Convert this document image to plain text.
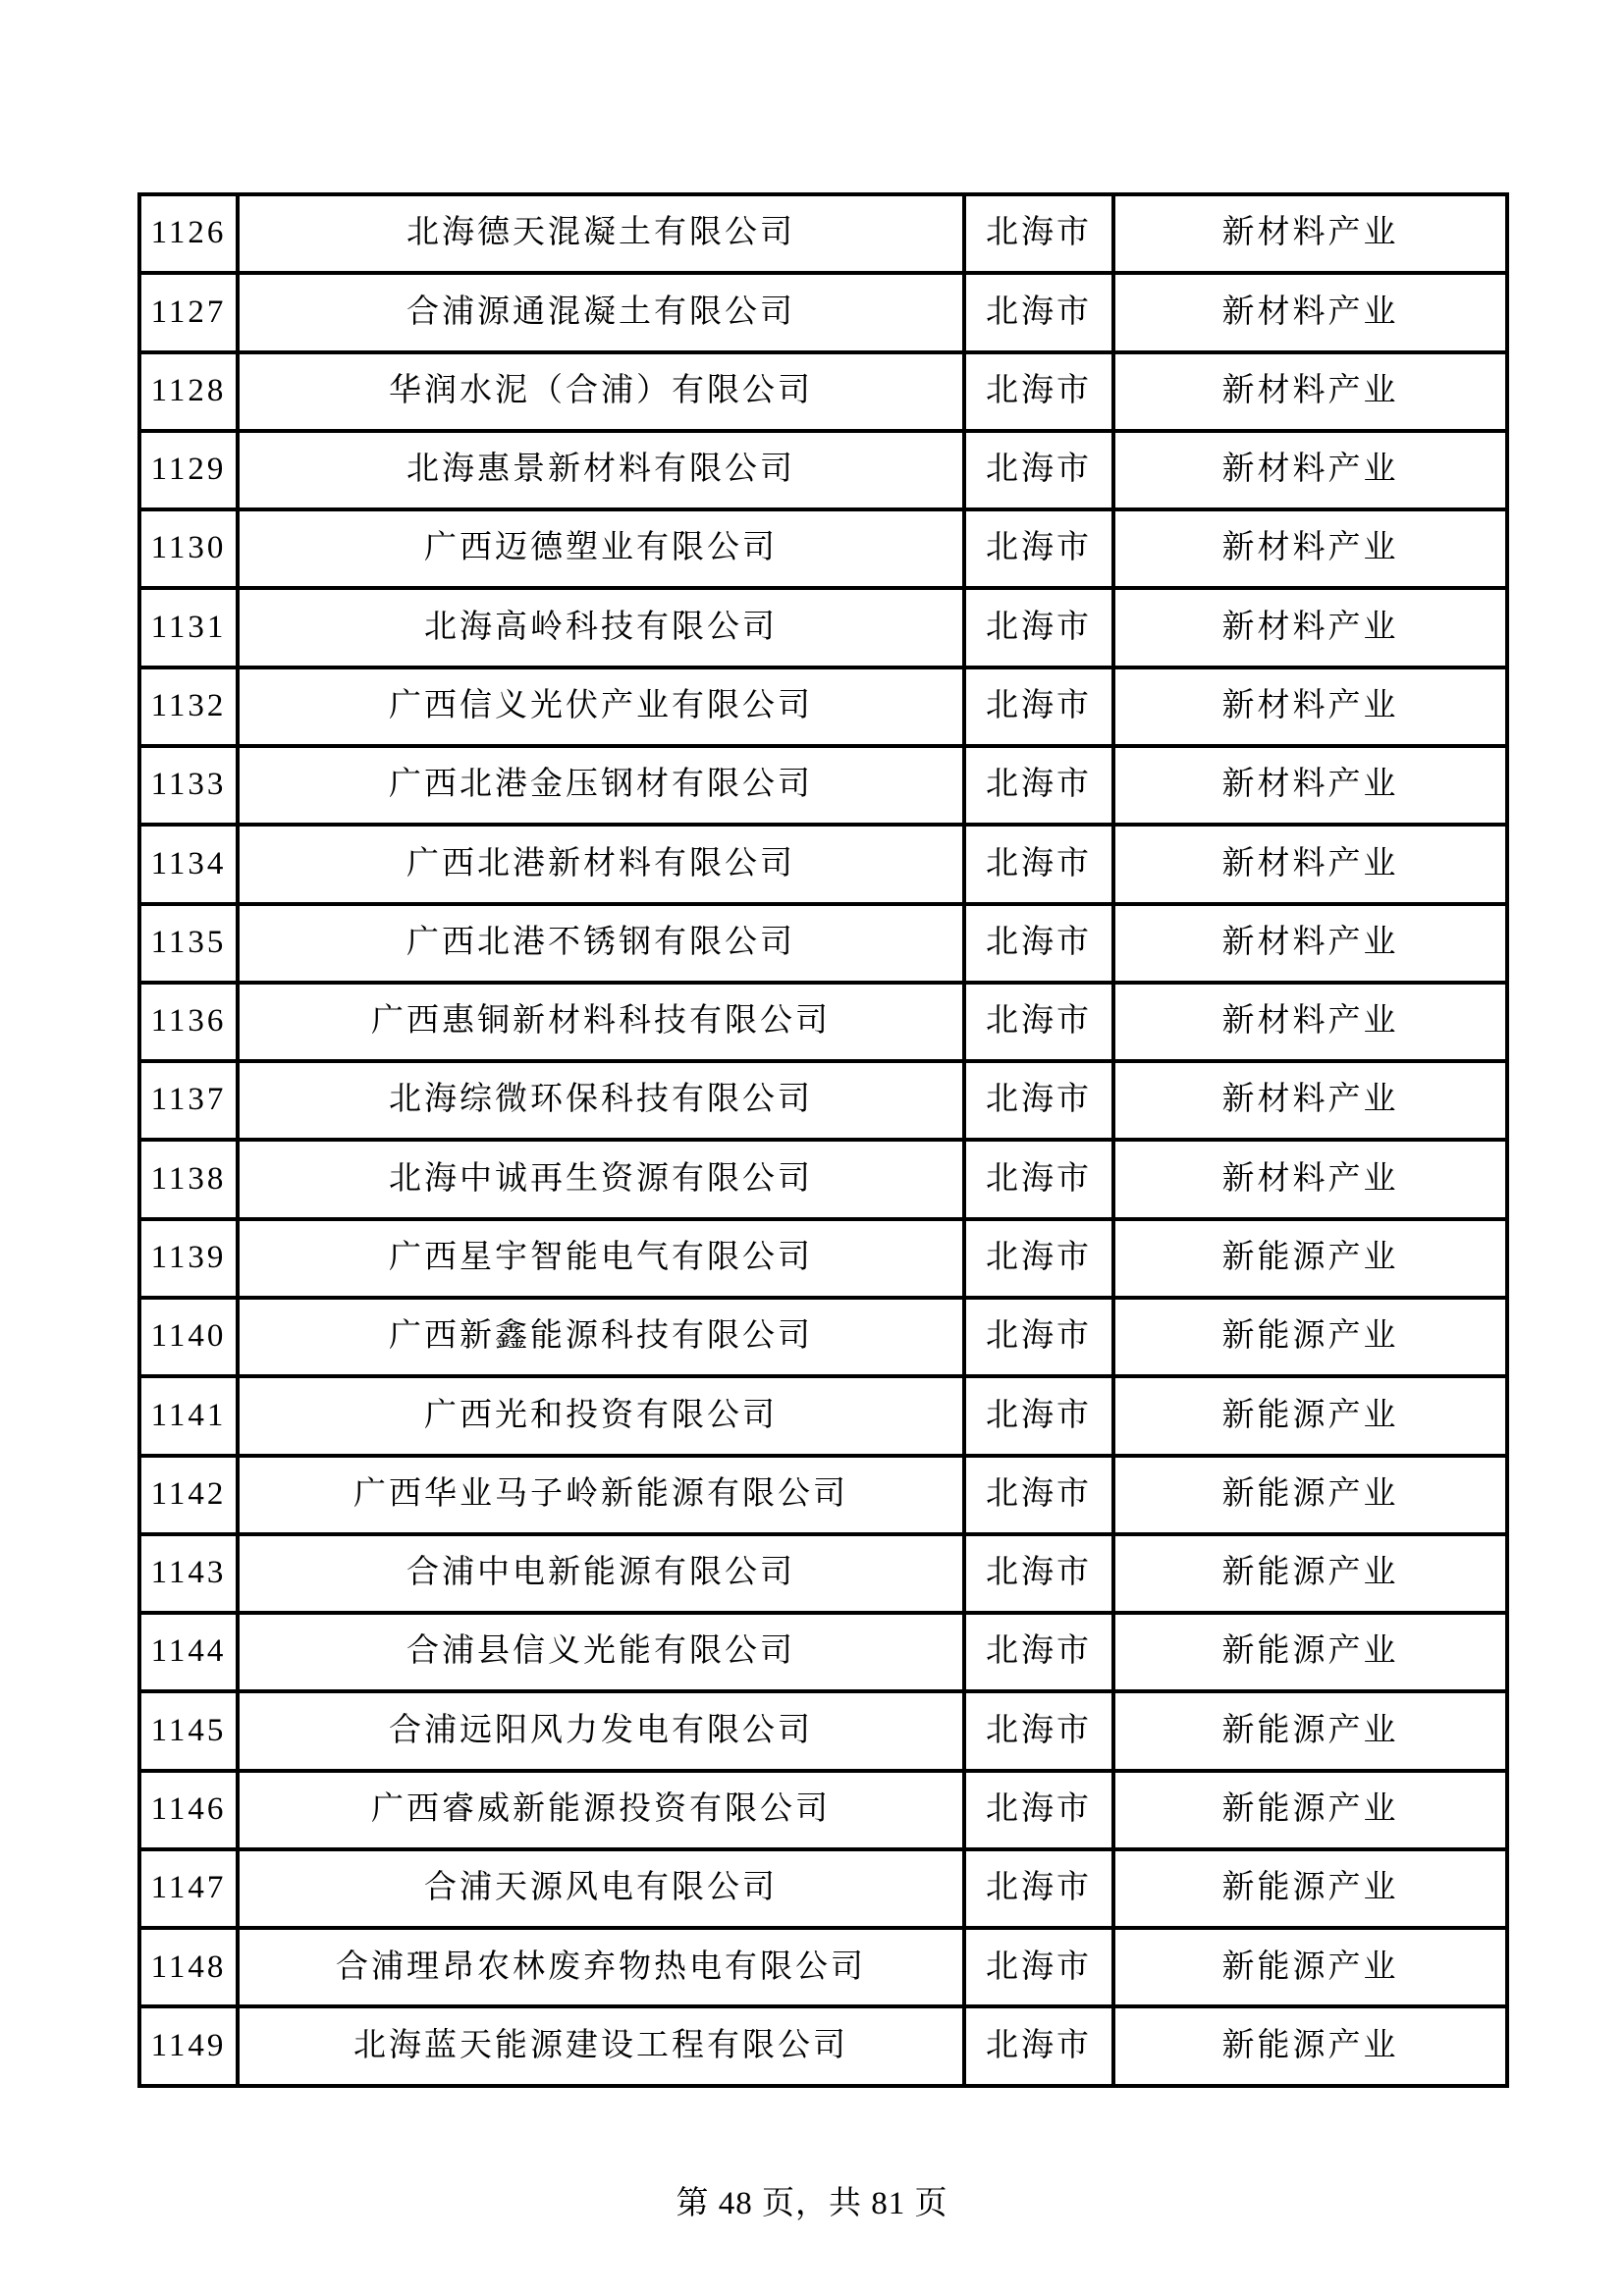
1126	北海德天混凝土有限公司	北海市	新材料产业
1127	合浦源通混凝土有限公司	北海市	新材料产业
1128	华润水泥（合浦）有限公司	北海市	新材料产业
1129	北海惠景新材料有限公司	北海市	新材料产业
1130	广西迈德塑业有限公司	北海市	新材料产业
1131	北海高岭科技有限公司	北海市	新材料产业
1132	广西信义光伏产业有限公司	北海市	新材料产业
1133	广西北港金压钢材有限公司	北海市	新材料产业
1134	广西北港新材料有限公司	北海市	新材料产业
1135	广西北港不锈钢有限公司	北海市	新材料产业
1136	广西惠铜新材料科技有限公司	北海市	新材料产业
1137	北海综微环保科技有限公司	北海市	新材料产业
1138	北海中诚再生资源有限公司	北海市	新材料产业
1139	广西星宇智能电气有限公司	北海市	新能源产业
1140	广西新鑫能源科技有限公司	北海市	新能源产业
1141	广西光和投资有限公司	北海市	新能源产业
1142	广西华业马子岭新能源有限公司	北海市	新能源产业
1143	合浦中电新能源有限公司	北海市	新能源产业
1144	合浦县信义光能有限公司	北海市	新能源产业
1145	合浦远阳风力发电有限公司	北海市	新能源产业
1146	广西睿威新能源投资有限公司	北海市	新能源产业
1147	合浦天源风电有限公司	北海市	新能源产业
1148	合浦理昂农林废弃物热电有限公司	北海市	新能源产业
1149	北海蓝天能源建设工程有限公司	北海市	新能源产业
第 48 页，共 81 页
